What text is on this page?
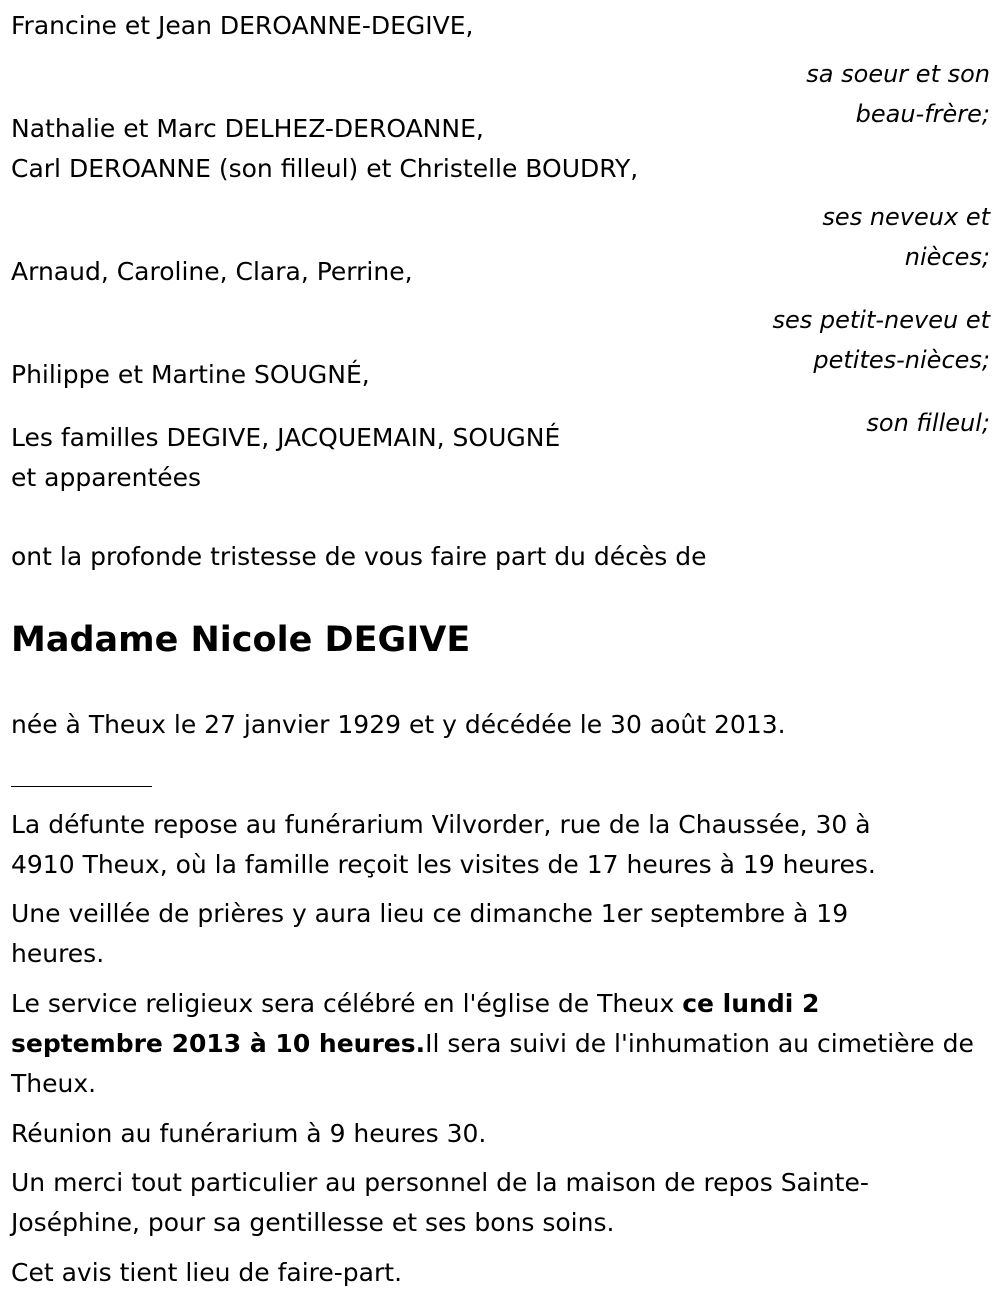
Francine et Jean DEROANNE-DEGIVE,

sa soeur et son

beau-frère;

Nathalie et Marc DELHEZ-DEROANNE,

Carl DEROANNE (son filleul) et Christelle BOUDRY,

ses neveux et

nièces;

Arnaud, Caroline, Clara, Perrine,

ses petit-neveu et

petites-nièces;

Philippe et Martine SOUGNÉ,

son filleul;

Les familles DEGIVE, JACQUEMAIN, SOUGNÉ

et apparentées

ont la profonde tristesse de vous faire part du décès de

Madame Nicole DEGIVE

née à Theux le 27 janvier 1929 et y décédée le 30 août 2013.

La défunte repose au funérarium Vilvorder, rue de la Chaussée, 30 à

4910 Theux, où la famille reçoit les visites de 17 heures à 19 heures.

Une veillée de prières y aura lieu ce dimanche 1er septembre à 19

heures.

Le service religieux sera célébré en l'église de Theux ce lundi 2

septembre 2013 à 10 heures.Il sera suivi de l'inhumation au cimetière de

Theux.

Réunion au funérarium à 9 heures 30.

Un merci tout particulier au personnel de la maison de repos Sainte-

Joséphine, pour sa gentillesse et ses bons soins.

Cet avis tient lieu de faire-part.
